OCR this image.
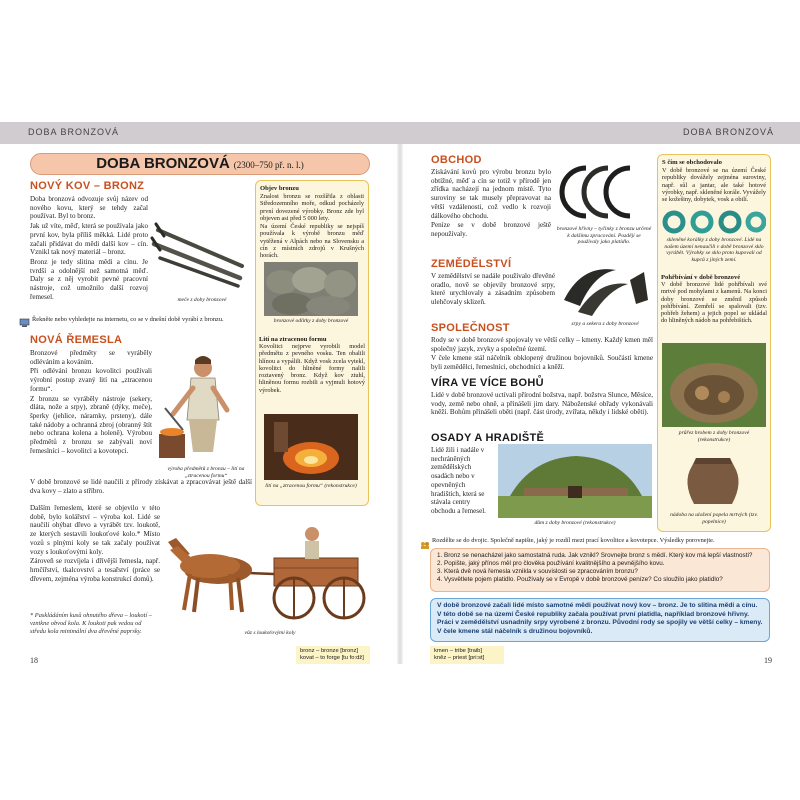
DOBA BRONZOVÁ	DOBA BRONZOVÁ
DOBA BRONZOVÁ (2300–750 př. n. l.)
NOVÝ KOV – BRONZ

Doba bronzová odvozuje svůj název od nového kovu, který se tehdy začal používat. Byl to bronz.

Jak už víte, měď, která se používala jako první kov, byla příliš měkká. Lidé proto začali přidávat do mědi další kov – cín. Vznikl tak nový materiál – bronz.

Bronz je tedy slitina mědi a cínu. Je tvrdší a odolnější než samotná měď. Daly se z něj vyrobit pevné pracovní nástroje, což umožnilo další rozvoj řemesel.	meče z doby bronzové
Objev bronzu
Znalost bronzu se rozšířila z oblasti Středozemního moře, odkud pocházely první dovezené výrobky. Bronz zde byl objeven asi před 5 000 lety.
Na území České republiky se nejspíš používala k výrobě bronzu měď vytěžená v Alpách nebo na Slovensku a cín z místních zdrojů v Krušných horách.
bronzové odlitky z doby bronzové
Lití na ztracenou formu
Kovolitci nejprve vyrobili model předmětu z pevného vosku. Ten obalili hlínou a vypálili. Když vosk zcela vytekl, kovolitci do hliněné formy nalili roztavený bronz. Když kov ztuhl, hliněnou formu rozbili a vyjmuli hotový výrobek.
lití na „ztracenou formu“ (rekonstrukce)
Řekněte nebo vyhledejte na internetu, co se v dnešní době vyrábí z bronzu.
NOVÁ ŘEMESLA

Bronzové předměty se vyráběly odléváním a kováním.

Při odlévání bronzu kovolitci používali výrobní postup zvaný lití na „ztracenou formu“.

Z bronzu se vyráběly nástroje (sekery, dláta, nože a srpy), zbraně (dýky, meče), šperky (jehlice, náramky, prsteny), dále také nádoby a ochranná zbroj (obranný štít nebo ochrana kolena a holeně). Výrobou předmětů z bronzu se zabývali noví řemeslníci – kovolitci a kovotepci.

výroba předmětů z bronzu – lití na „ztracenou formu“

V době bronzové se lidé naučili z přírody získávat a zpracovávat ještě další dva kovy – zlato a stříbro.

Dalším řemeslem, které se objevilo v této době, bylo kolářství – výroba kol. Lidé se naučili ohýbat dřevo a vyrábět tzv. loukotě, ze kterých sestavili loukoťové kolo.* Místo vozů s plnými koly se tak začaly používat vozy s loukoťovými koly.

Zároveň se rozvíjela i dřívější řemesla, např. hrnčířství, tkalcovství a tesařství (práce se dřevem, zejména výroba konstrukcí domů).

* Paskládáním kusů ohnutého dřeva – loukotí – vznikne obvod kola. K loukoti pak vedou od středu kola minimální dva dřevěné paprsky.	vůz s loukoťovými koly
18
bronz – bronze [bronz]
kovat – to forge [tu fo:dž]
OBCHOD

Získávání kovů pro výrobu bronzu bylo obtížné, měď a cín se totiž v přírodě jen zřídka nacházejí na jednom místě. Tyto suroviny se tak musely přepravovat na větší vzdálenosti, což vedlo k rozvoji dálkového obchodu.

Peníze se v době bronzové ještě nepoužívaly.

bronzové hřivny – tyčinky z bronzu určené k dalšímu zpracování. Později se používaly jako platidlo.
ZEMĚDĚLSTVÍ

V zemědělství se nadále používalo dřevěné oradlo, nově se objevily bronzové srpy, které urychlovaly a zásadním způsobem ulehčovaly sklizeň.

srpy a sekera z doby bronzové
SPOLEČNOST

Rody se v době bronzové spojovaly ve větší celky – kmeny. Každý kmen měl společný jazyk, zvyky a společné území.

V čele kmene stál náčelník obklopený družinou bojovníků. Součástí kmene byli zemědělci, řemeslníci, obchodníci a kněží.

VÍRA VE VÍCE BOHŮ

Lidé v době bronzové uctívali přírodní božstva, např. božstva Slunce, Měsíce, vody, země nebo ohně, a přinášeli jim dary. Náboženské obřady vykonávali kněží. Bohům přinášeli oběti (např. část úrody, zvířata, někdy i lidské oběti).

OSADY A HRADIŠTĚ

Lidé žili i nadále v nechráněných zemědělských osadách nebo v opevněných hradištích, která se stávala centry obchodu a řemesel.

dům z doby bronzové (rekonstrukce)
S čím se obchodovalo
V době bronzové se na území České republiky dovážely zejména suroviny, např. sůl a jantar, ale také hotové výrobky, např. skleněné korále. Vyvážely se kožešiny, dobytek, vosk a obilí.
skleněné korálky z doby bronzové. Lidé na našem území nenaučili v době bronzové sklo vyrábět. Výrobky se sklo proto kupovali od kupců z jiných zemí.
Pohřbívání v době bronzové
V době bronzové lidé pohřbívali své mrtvé pod mohylami z kamenů. Na konci doby bronzové se změnil způsob pohřbívání. Zemřelí se spalovali (tzv. pohřeb žehem) a jejich popel se ukládal do hliněných nádob na pohřebištích.
průřez hrobem z doby bronzové (rekonstrukce)
nádoba na uložení popela mrtvých (tzv. popelnice)
Rozdělte se do dvojic. Společně napište, jaký je rozdíl mezi prací kovolitce a kovotepce. Výsledky porovnejte.
1. Bronz se nenacházel jako samostatná ruda. Jak vznikl? Srovnejte bronz s mědí. Který kov má lepší vlastnosti?
2. Popište, jaký přínos měl pro člověka používání kvalitnějšího a pevnějšího kovu.
3. Která dvě nová řemesla vznikla v souvislosti se zpracováním bronzu?
4. Vysvětlete pojem platidlo. Používaly se v Evropě v době bronzové peníze? Co sloužilo jako platidlo?
V době bronzové začali lidé místo samotné mědi používat nový kov – bronz. Je to slitina mědi a cínu. V této době se na území České republiky začala používat první platidla, například bronzové hřivny. Práci v zemědělství usnadnily srpy vyrobené z bronzu. Původní rody se spojily ve větší celky – kmeny. V čele kmene stál náčelník s družinou bojovníků.
kmen – tribe [traib]
kněz – priest [pri:st]	19
